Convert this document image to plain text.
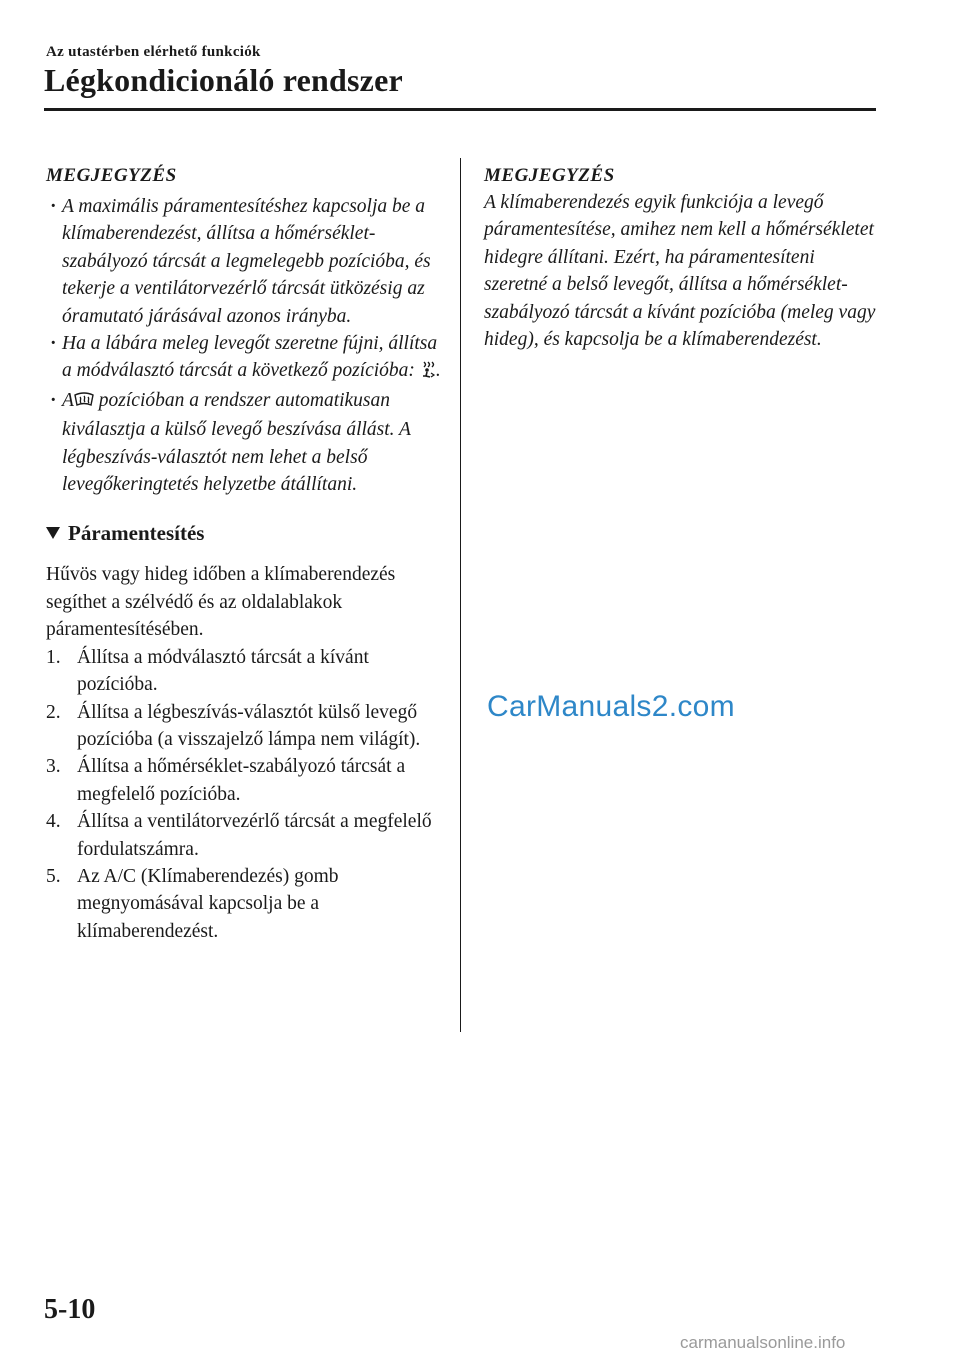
Az utastérben elérhető funkciók
Légkondicionáló rendszer
MEGJEGYZÉS
· A maximális páramentesítéshez kapcsolja be a klímaberendezést, állítsa a hőmérséklet-szabályozó tárcsát a legmelegebb pozícióba, és tekerje a ventilátorvezérlő tárcsát ütközésig az óramutató járásával azonos irányba.
· Ha a lábára meleg levegőt szeretne fújni, állítsa a módválasztó tárcsát a következő pozícióba: .
· A pozícióban a rendszer automatikusan kiválasztja a külső levegő beszívása állást. A légbeszívás-választót nem lehet a belső levegőkeringtetés helyzetbe átállítani.
Páramentesítés
Hűvös vagy hideg időben a klímaberendezés segíthet a szélvédő és az oldalablakok páramentesítésében.
1. Állítsa a módválasztó tárcsát a kívánt pozícióba.
2. Állítsa a légbeszívás-választót külső levegő pozícióba (a visszajelző lámpa nem világít).
3. Állítsa a hőmérséklet-szabályozó tárcsát a megfelelő pozícióba.
4. Állítsa a ventilátorvezérlő tárcsát a megfelelő fordulatszámra.
5. Az A/C (Klímaberendezés) gomb megnyomásával kapcsolja be a klímaberendezést.
MEGJEGYZÉS
A klímaberendezés egyik funkciója a levegő páramentesítése, amihez nem kell a hőmérsékletet hidegre állítani. Ezért, ha páramentesíteni szeretné a belső levegőt, állítsa a hőmérséklet-szabályozó tárcsát a kívánt pozícióba (meleg vagy hideg), és kapcsolja be a klímaberendezést.
CarManuals2.com
5-10
carmanualsonline.info
